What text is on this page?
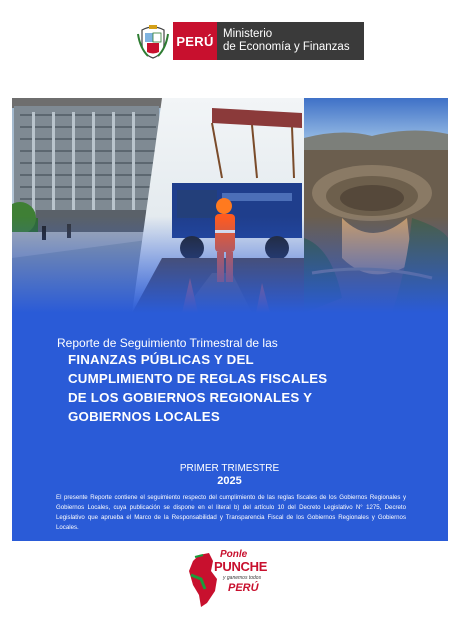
PERÚ Ministerio
de Economía y Finanzas
Reporte de Seguimiento Trimestral de las
FINANZAS PÚBLICAS Y DEL
CUMPLIMIENTO DE REGLAS FISCALES
DE LOS GOBIERNOS REGIONALES Y
GOBIERNOS LOCALES
PRIMER TRIMESTRE
2025
El presente Reporte contiene el seguimiento respecto del cumplimiento de las reglas fiscales de los Gobiernos Regionales y Gobiernos Locales, cuya publicación se dispone en el literal b) del artículo 10 del Decreto Legislativo N° 1275, Decreto Legislativo que aprueba el Marco de la Responsabilidad y Transparencia Fiscal de los Gobiernos Regionales y Gobiernos Locales.
Ponle
PUNCHE
y ganemos todos
PERÚ
